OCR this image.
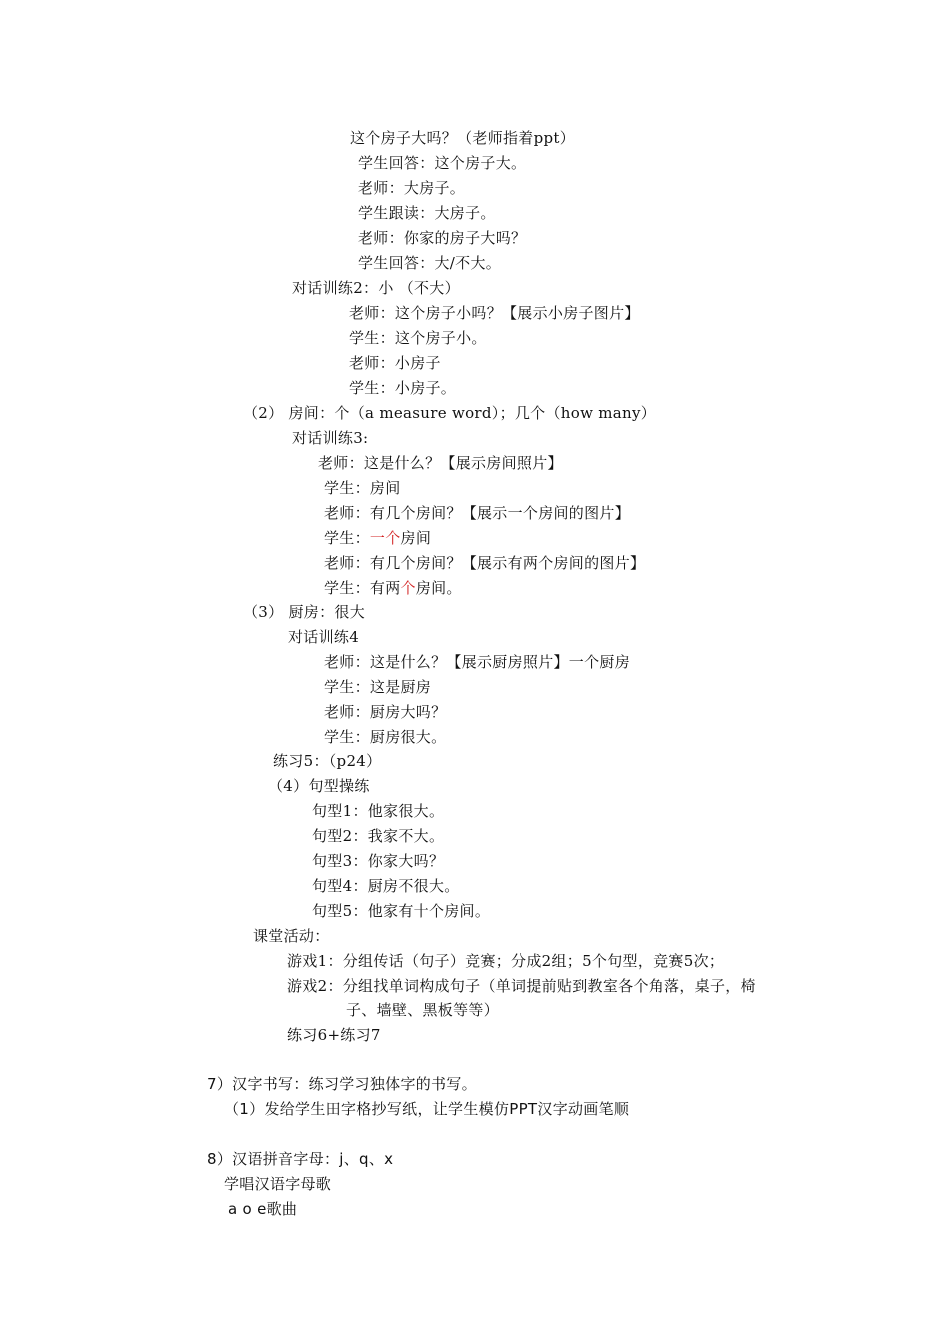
这个房子大吗？（老师指着ppt）
学生回答：这个房子大。
老师：大房子。
学生跟读：大房子。
老师：你家的房子大吗？
学生回答：大/不大。
对话训练2：小 （不大）
老师：这个房子小吗？【展示小房子图片】
学生：这个房子小。
老师：小房子
学生：小房子。
（2） 房间：个（a measure word）；几个（how many）
对话训练3:
老师：这是什么？【展示房间照片】
学生：房间
老师：有几个房间？【展示一个房间的图片】
学生：一个房间
老师：有几个房间？【展示有两个房间的图片】
学生：有两个房间。
（3） 厨房：很大
对话训练4
老师：这是什么？【展示厨房照片】一个厨房
学生：这是厨房
老师：厨房大吗？
学生：厨房很大。
练习5：（p24）
（4）句型操练
句型1：他家很大。
句型2：我家不大。
句型3：你家大吗？
句型4：厨房不很大。
句型5：他家有十个房间。
课堂活动：
游戏1：分组传话（句子）竞赛；分成2组；5个句型，竞赛5次；
游戏2：分组找单词构成句子（单词提前贴到教室各个角落，桌子，椅
子、墙壁、黑板等等）
练习6+练习7
7）汉字书写：练习学习独体字的书写。
（1）发给学生田字格抄写纸，让学生模仿PPT汉字动画笔顺
8）汉语拼音字母：j、q、x
学唱汉语字母歌
a o e歌曲
